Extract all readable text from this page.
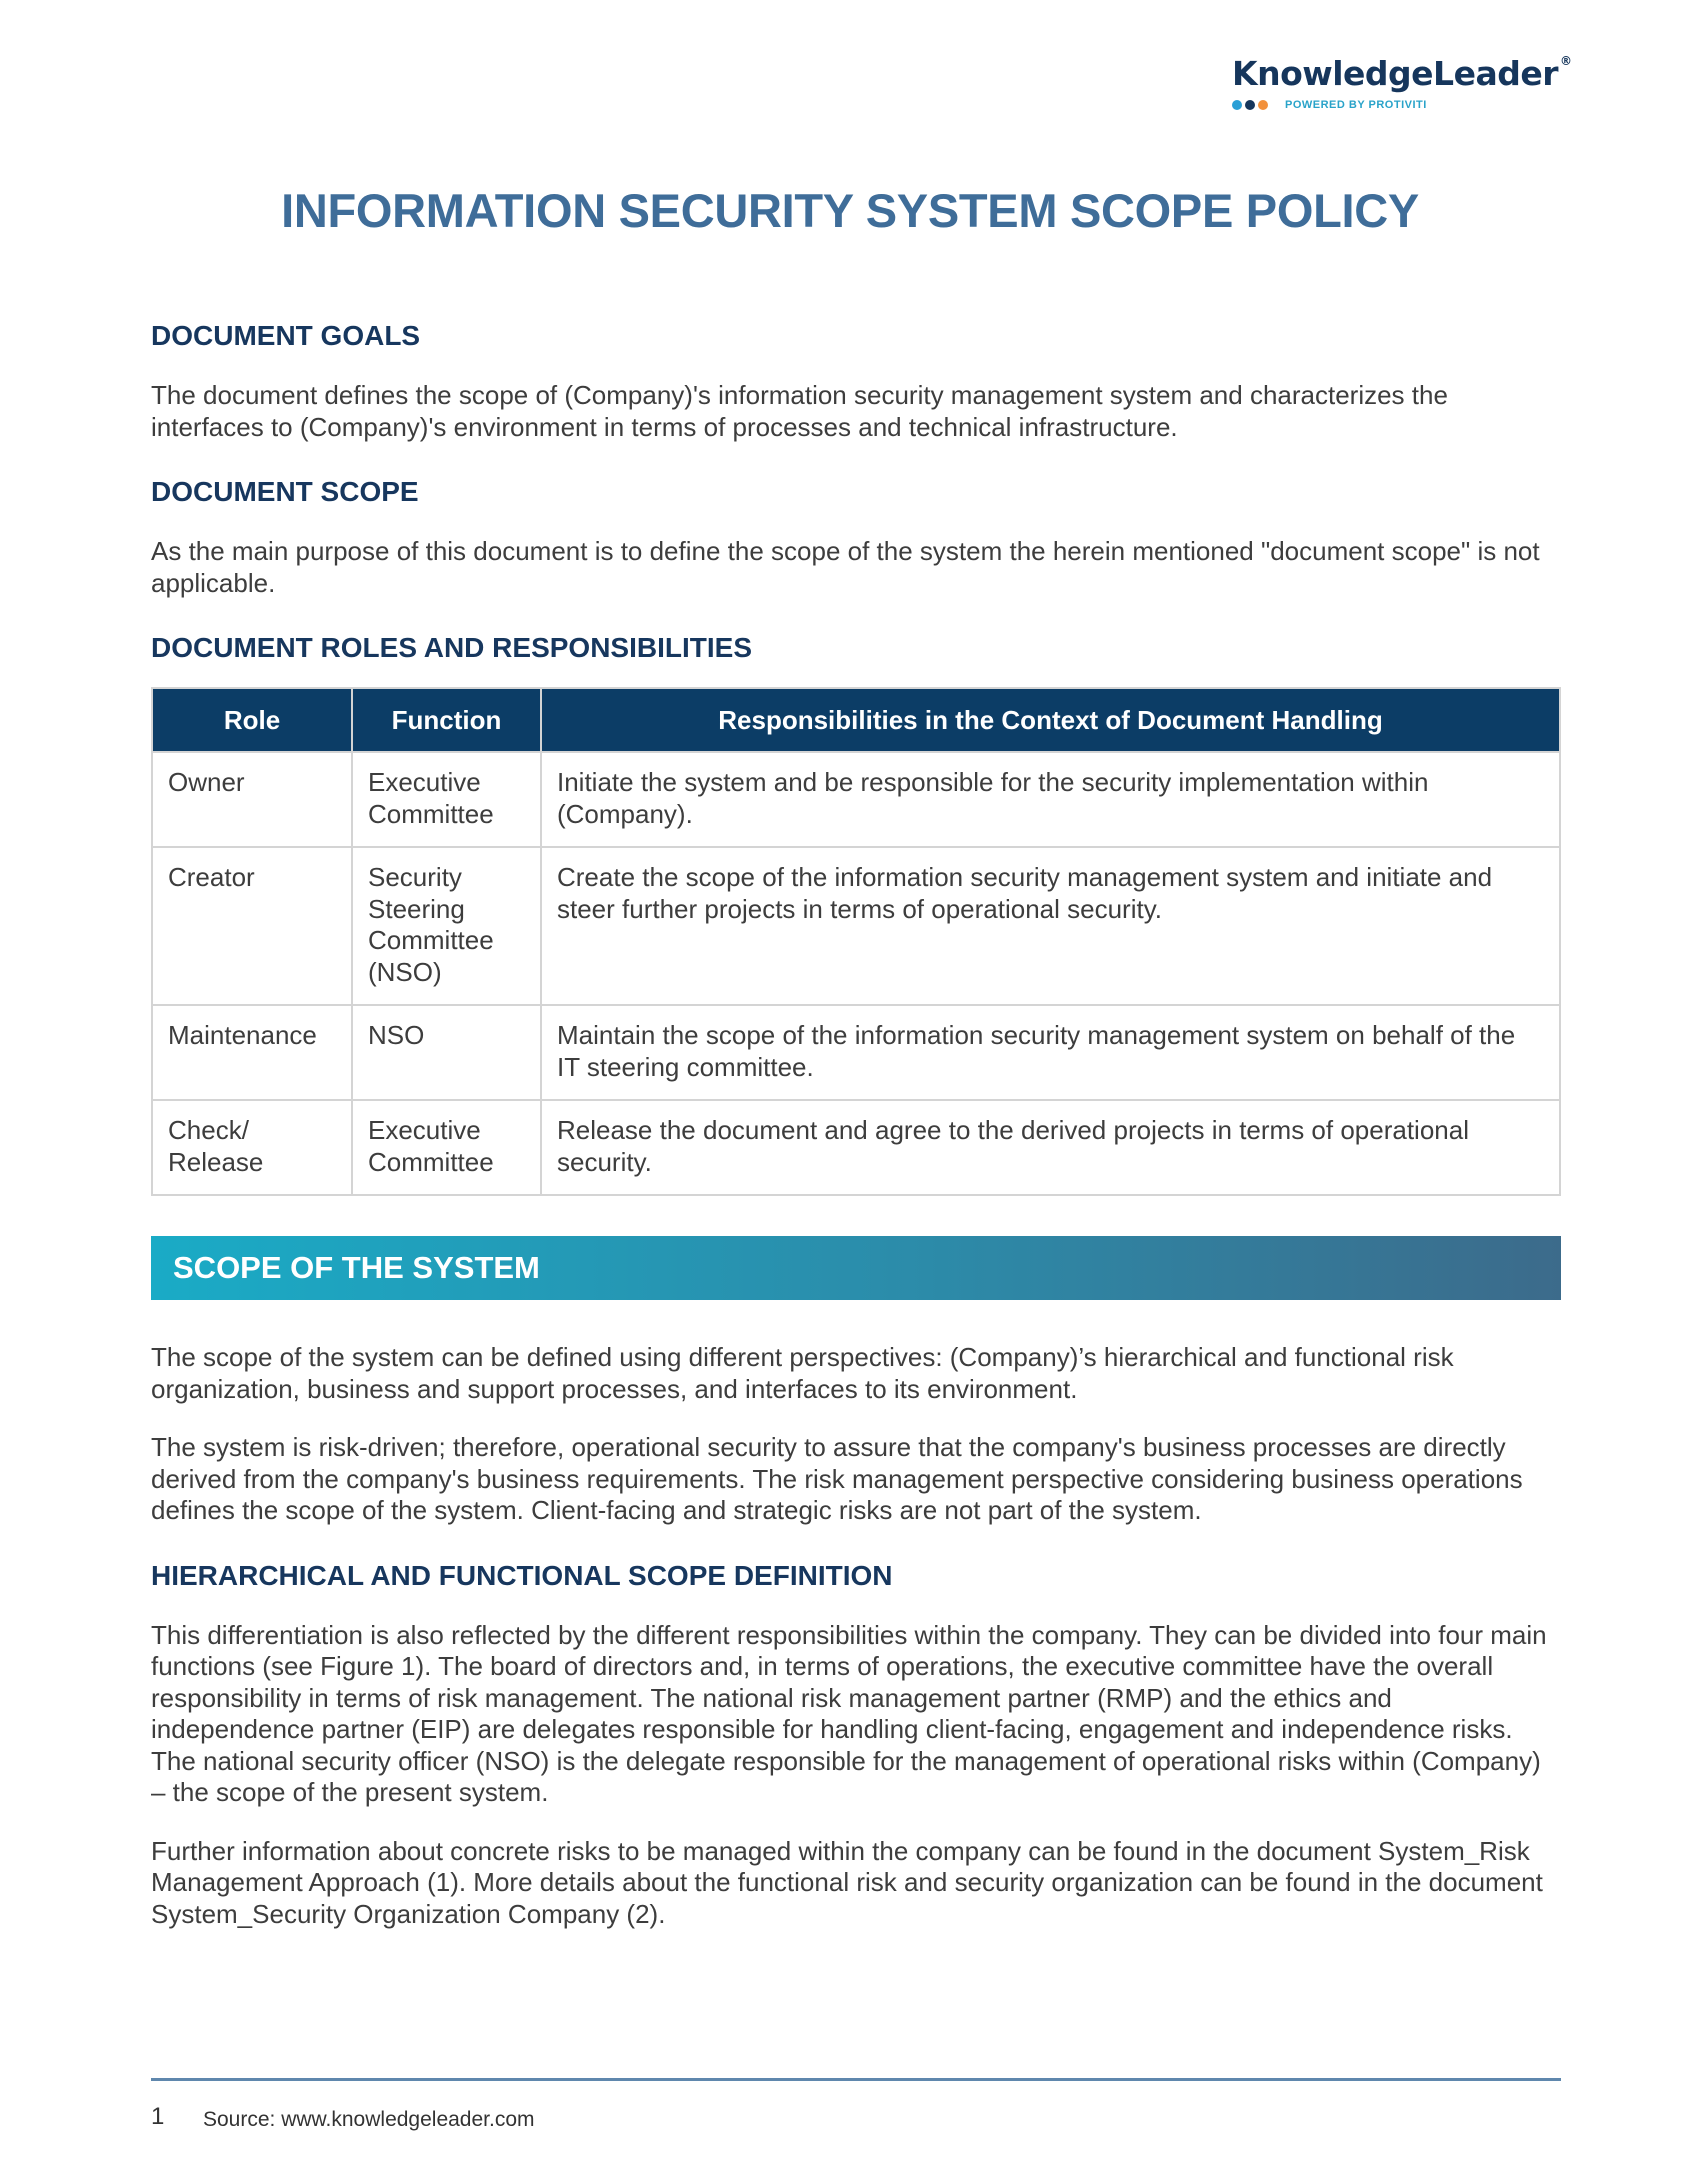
KnowledgeLeader ®
POWERED BY PROTIVITI
INFORMATION SECURITY SYSTEM SCOPE POLICY
DOCUMENT GOALS

The document defines the scope of (Company)'s information security management system and characterizes the interfaces to (Company)'s environment in terms of processes and technical infrastructure.

DOCUMENT SCOPE

As the main purpose of this document is to define the scope of the system the herein mentioned "document scope" is not applicable.

DOCUMENT ROLES AND RESPONSIBILITIES
Role	Function	Responsibilities in the Context of Document Handling
Owner	Executive Committee	Initiate the system and be responsible for the security implementation within (Company).
Creator	Security Steering Committee (NSO)	Create the scope of the information security management system and initiate and steer further projects in terms of operational security.
Maintenance	NSO	Maintain the scope of the information security management system on behalf of the IT steering committee.
Check/ Release	Executive Committee	Release the document and agree to the derived projects in terms of operational security.
SCOPE OF THE SYSTEM

The scope of the system can be defined using different perspectives: (Company)’s hierarchical and functional risk organization, business and support processes, and interfaces to its environment.

The system is risk-driven; therefore, operational security to assure that the company's business processes are directly derived from the company's business requirements. The risk management perspective considering business operations defines the scope of the system. Client-facing and strategic risks are not part of the system.

HIERARCHICAL AND FUNCTIONAL SCOPE DEFINITION

This differentiation is also reflected by the different responsibilities within the company. They can be divided into four main functions (see Figure 1). The board of directors and, in terms of operations, the executive committee have the overall responsibility in terms of risk management. The national risk management partner (RMP) and the ethics and independence partner (EIP) are delegates responsible for handling client-facing, engagement and independence risks. The national security officer (NSO) is the delegate responsible for the management of operational risks within (Company) – the scope of the present system.

Further information about concrete risks to be managed within the company can be found in the document System_Risk Management Approach (1). More details about the functional risk and security organization can be found in the document System_Security Organization Company (2).

1 Source: www.knowledgeleader.com
